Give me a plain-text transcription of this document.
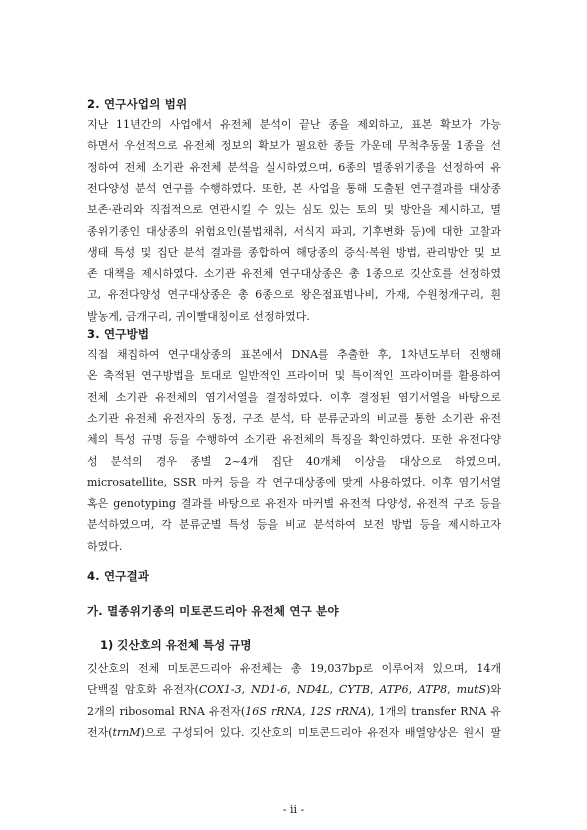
2. 연구사업의 범위
지난 11년간의 사업에서 유전체 분석이 끝난 종을 제외하고, 표본 확보가 가능
하면서 우선적으로 유전체 정보의 확보가 필요한 종들 가운데 무척추동물 1종을 선
정하여 전체 소기관 유전체 분석을 실시하였으며, 6종의 멸종위기종을 선정하여 유
전다양성 분석 연구를 수행하였다. 또한, 본 사업을 통해 도출된 연구결과를 대상종
보존·관리와 직접적으로 연관시킬 수 있는 심도 있는 토의 및 방안을 제시하고, 멸
종위기종인 대상종의 위험요인(불법채취, 서식지 파괴, 기후변화 등)에 대한 고찰과
생태 특성 및 집단 분석 결과를 종합하여 해당종의 증식·복원 방법, 관리방안 및 보
존 대책을 제시하였다. 소기관 유전체 연구대상종은 총 1종으로 깃산호를 선정하였
고, 유전다양성 연구대상종은 총 6종으로 왕은점표범나비, 가재, 수원청개구리, 흰
발농게, 금개구리, 귀이빨대칭이로 선정하였다.
3. 연구방법
직접 채집하여 연구대상종의 표본에서 DNA를 추출한 후, 1차년도부터 진행해
온 축적된 연구방법을 토대로 일반적인 프라이머 및 특이적인 프라이머를 활용하여
전체 소기관 유전체의 염기서열을 결정하였다. 이후 결정된 염기서열을 바탕으로
소기관 유전체 유전자의 동정, 구조 분석, 타 분류군과의 비교를 통한 소기관 유전
체의 특성 규명 등을 수행하여 소기관 유전체의 특징을 확인하였다. 또한 유전다양
성 분석의 경우 종별 2~4개 집단 40개체 이상을 대상으로 하였으며,
microsatellite, SSR 마커 등을 각 연구대상종에 맞게 사용하였다. 이후 염기서열
혹은 genotyping 결과를 바탕으로 유전자 마커별 유전적 다양성, 유전적 구조 등을
분석하였으며, 각 분류군별 특성 등을 비교 분석하여 보전 방법 등을 제시하고자
하였다.
4. 연구결과
가. 멸종위기종의 미토콘드리아 유전체 연구 분야
1) 깃산호의 유전체 특성 규명
깃산호의 전체 미토콘드리아 유전체는 총 19,037bp로 이루어져 있으며, 14개
단백질 암호화 유전자(COX1-3, ND1-6, ND4L, CYTB, ATP6, ATP8, mutS)와
2개의 ribosomal RNA 유전자(16S rRNA, 12S rRNA), 1개의 transfer RNA 유
전자(trnM)으로 구성되어 있다. 깃산호의 미토콘드리아 유전자 배열양상은 원시 팔
- ii -
